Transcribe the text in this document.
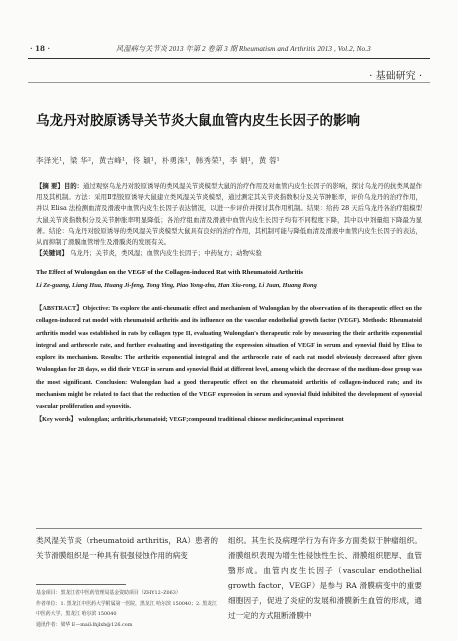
· 18 ·	风湿病与关节炎 2013 年第 2 卷第 3 期 Rheumatism and Arthritis 2013 , Vol.2, No.3
· 基础研究 ·
乌龙丹对胶原诱导关节炎大鼠血管内皮生长因子的影响
李泽光¹，梁 华²，黄吉峰¹，佟 颖¹，朴勇洙¹，韩秀荣¹，李 娟¹，黄 蓉¹
【摘 要】目的：通过观察乌龙丹对胶原诱导的类风湿关节炎模型大鼠的治疗作用及对血管内皮生长因子的影响，探讨乌龙丹的抗类风湿作用及其机制。方法：采用Ⅱ型胶原诱导大鼠建立类风湿关节炎模型，通过测定其关节炎指数积分及关节肿胀率，评价乌龙丹的治疗作用，并以 Elisa 法检测血清及滑液中血管内皮生长因子表达情况，以进一步评价并探讨其作用机制。结果：给药 28 天后乌龙丹各治疗组模型大鼠关节炎指数积分及关节肿胀率明显降低；各治疗组血清及滑液中血管内皮生长因子均有不同程度下降，其中以中剂量组下降最为显著。结论：乌龙丹对胶原诱导的类风湿关节炎模型大鼠具有良好的治疗作用，其机制可能与降低血清及滑液中血管内皮生长因子的表达，从而抑制了滑膜血管增生及滑膜炎的发展有关。
【关键词】 乌龙丹；关节炎，类风湿；血管内皮生长因子；中药复方；动物实验
The Effect of Wulongdan on the VEGF of the Collagen-induced Rat with Rheumatoid Arthritis
Li Ze-guang, Liang Hua, Huang Ji-feng, Tong Ying, Piao Yong-zhu, Han Xiu-rong, Li Juan, Huang Rong
【ABSTRACT】Objective: To explore the anti-rheumatic effect and mechanism of Wulongdan by the observation of its therapeutic effect on the collagen-induced rat model with rheumatoid arthritis and its influence on the vascular endothelial growth factor (VEGF). Methods: Rheumatoid arthritis model was established in rats by collagen type II, evaluating Wulongdan's therapeutic role by measuring the their arthritis exponential integral and arthrocele rate, and further evaluating and investigating the expression situation of VEGF in serum and synovial fluid by Elisa to explore its mechanism. Results: The arthritis exponential integral and the arthrocele rate of each rat model obviously decreased after given Wulongdan for 28 days, so did their VEGF in serum and synovial fluid at different level, among which the decrease of the medium-dose group was the most significant. Conclusion: Wulongdan had a good therapeutic effect on the rheumatoid arthritis of collagen-induced rats; and its mechanism might be related to fact that the reduction of the VEGF expression in serum and synovial fluid inhibited the development of synovial vascular proliferation and synovitis.
【Key words】 wulongdan; arthritis,rheumatoid; VEGF;compound traditional chinese medicine;animal experiment
类风湿关节炎（rheumatoid arthritis，RA）患者的关节滑膜组织是一种具有很强侵蚀作用的病变
组织。其生长及病理学行为有许多方面类似于肿瘤组织。滑膜组织表现为增生性侵蚀性生长、滑膜组织肥厚、血管翳形成。血管内皮生长因子（vascular endothelial growth factor，VEGF）是参与 RA 滑膜病变中的重要细胞因子，促进了炎症的发展和滑膜新生血管的形成，通过一定的方式阻断滑膜中
基金项目：黑龙江省中医药管理局基金资助项目（ZHY12–Z063）
作者单位：1. 黑龙江中医药大学附属第一医院，黑龙江 哈尔滨 150040；2. 黑龙江中医药大学，黑龙江 哈尔滨 150040
通讯作者：梁华 E—mail:lhjlxh@126.com
